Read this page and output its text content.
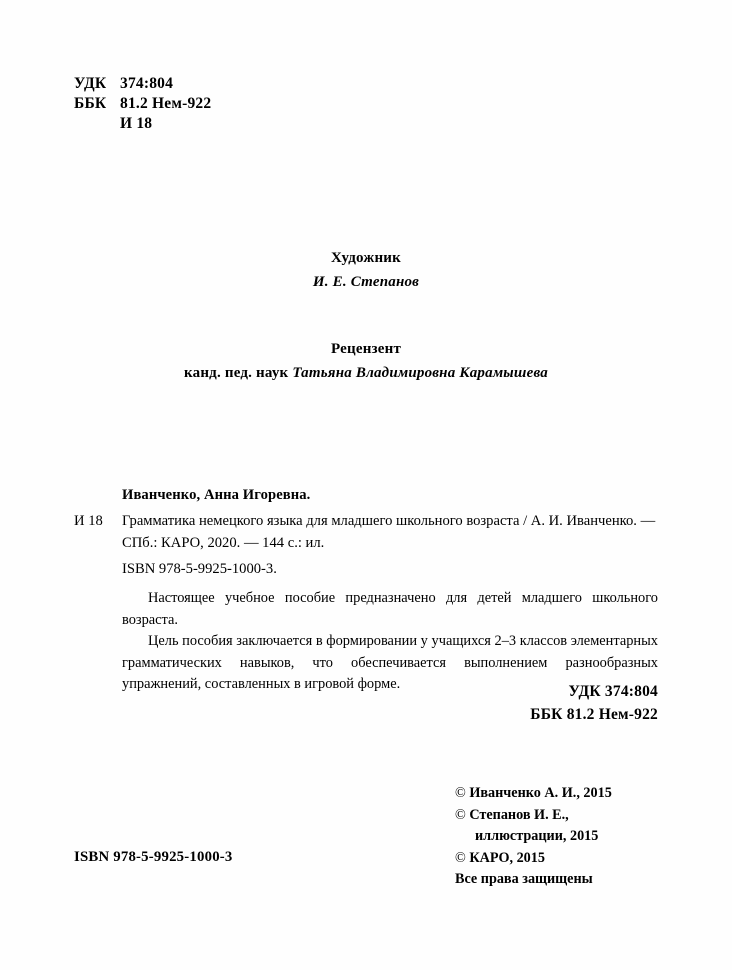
УДК 374:804
ББК 81.2 Нем-922
И 18
Художник
И. Е. Степанов
Рецензент
канд. пед. наук Татьяна Владимировна Карамышева
Иванченко, Анна Игоревна.
И 18	Грамматика немецкого языка для младшего школьного возраста / А. И. Иванченко. — СПб.: КАРО, 2020. — 144 с.: ил.
ISBN 978-5-9925-1000-3.

Настоящее учебное пособие предназначено для детей младшего школьного возраста.

Цель пособия заключается в формировании у учащихся 2–3 классов элементарных грамматических навыков, что обеспечивается выполнением разнообразных упражнений, составленных в игровой форме.	УДК 374:804
ББК 81.2 Нем-922
© Иванченко А. И., 2015
© Степанов И. Е.,
иллюстрации, 2015
© КАРО, 2015
Все права защищены
ISBN 978-5-9925-1000-3
